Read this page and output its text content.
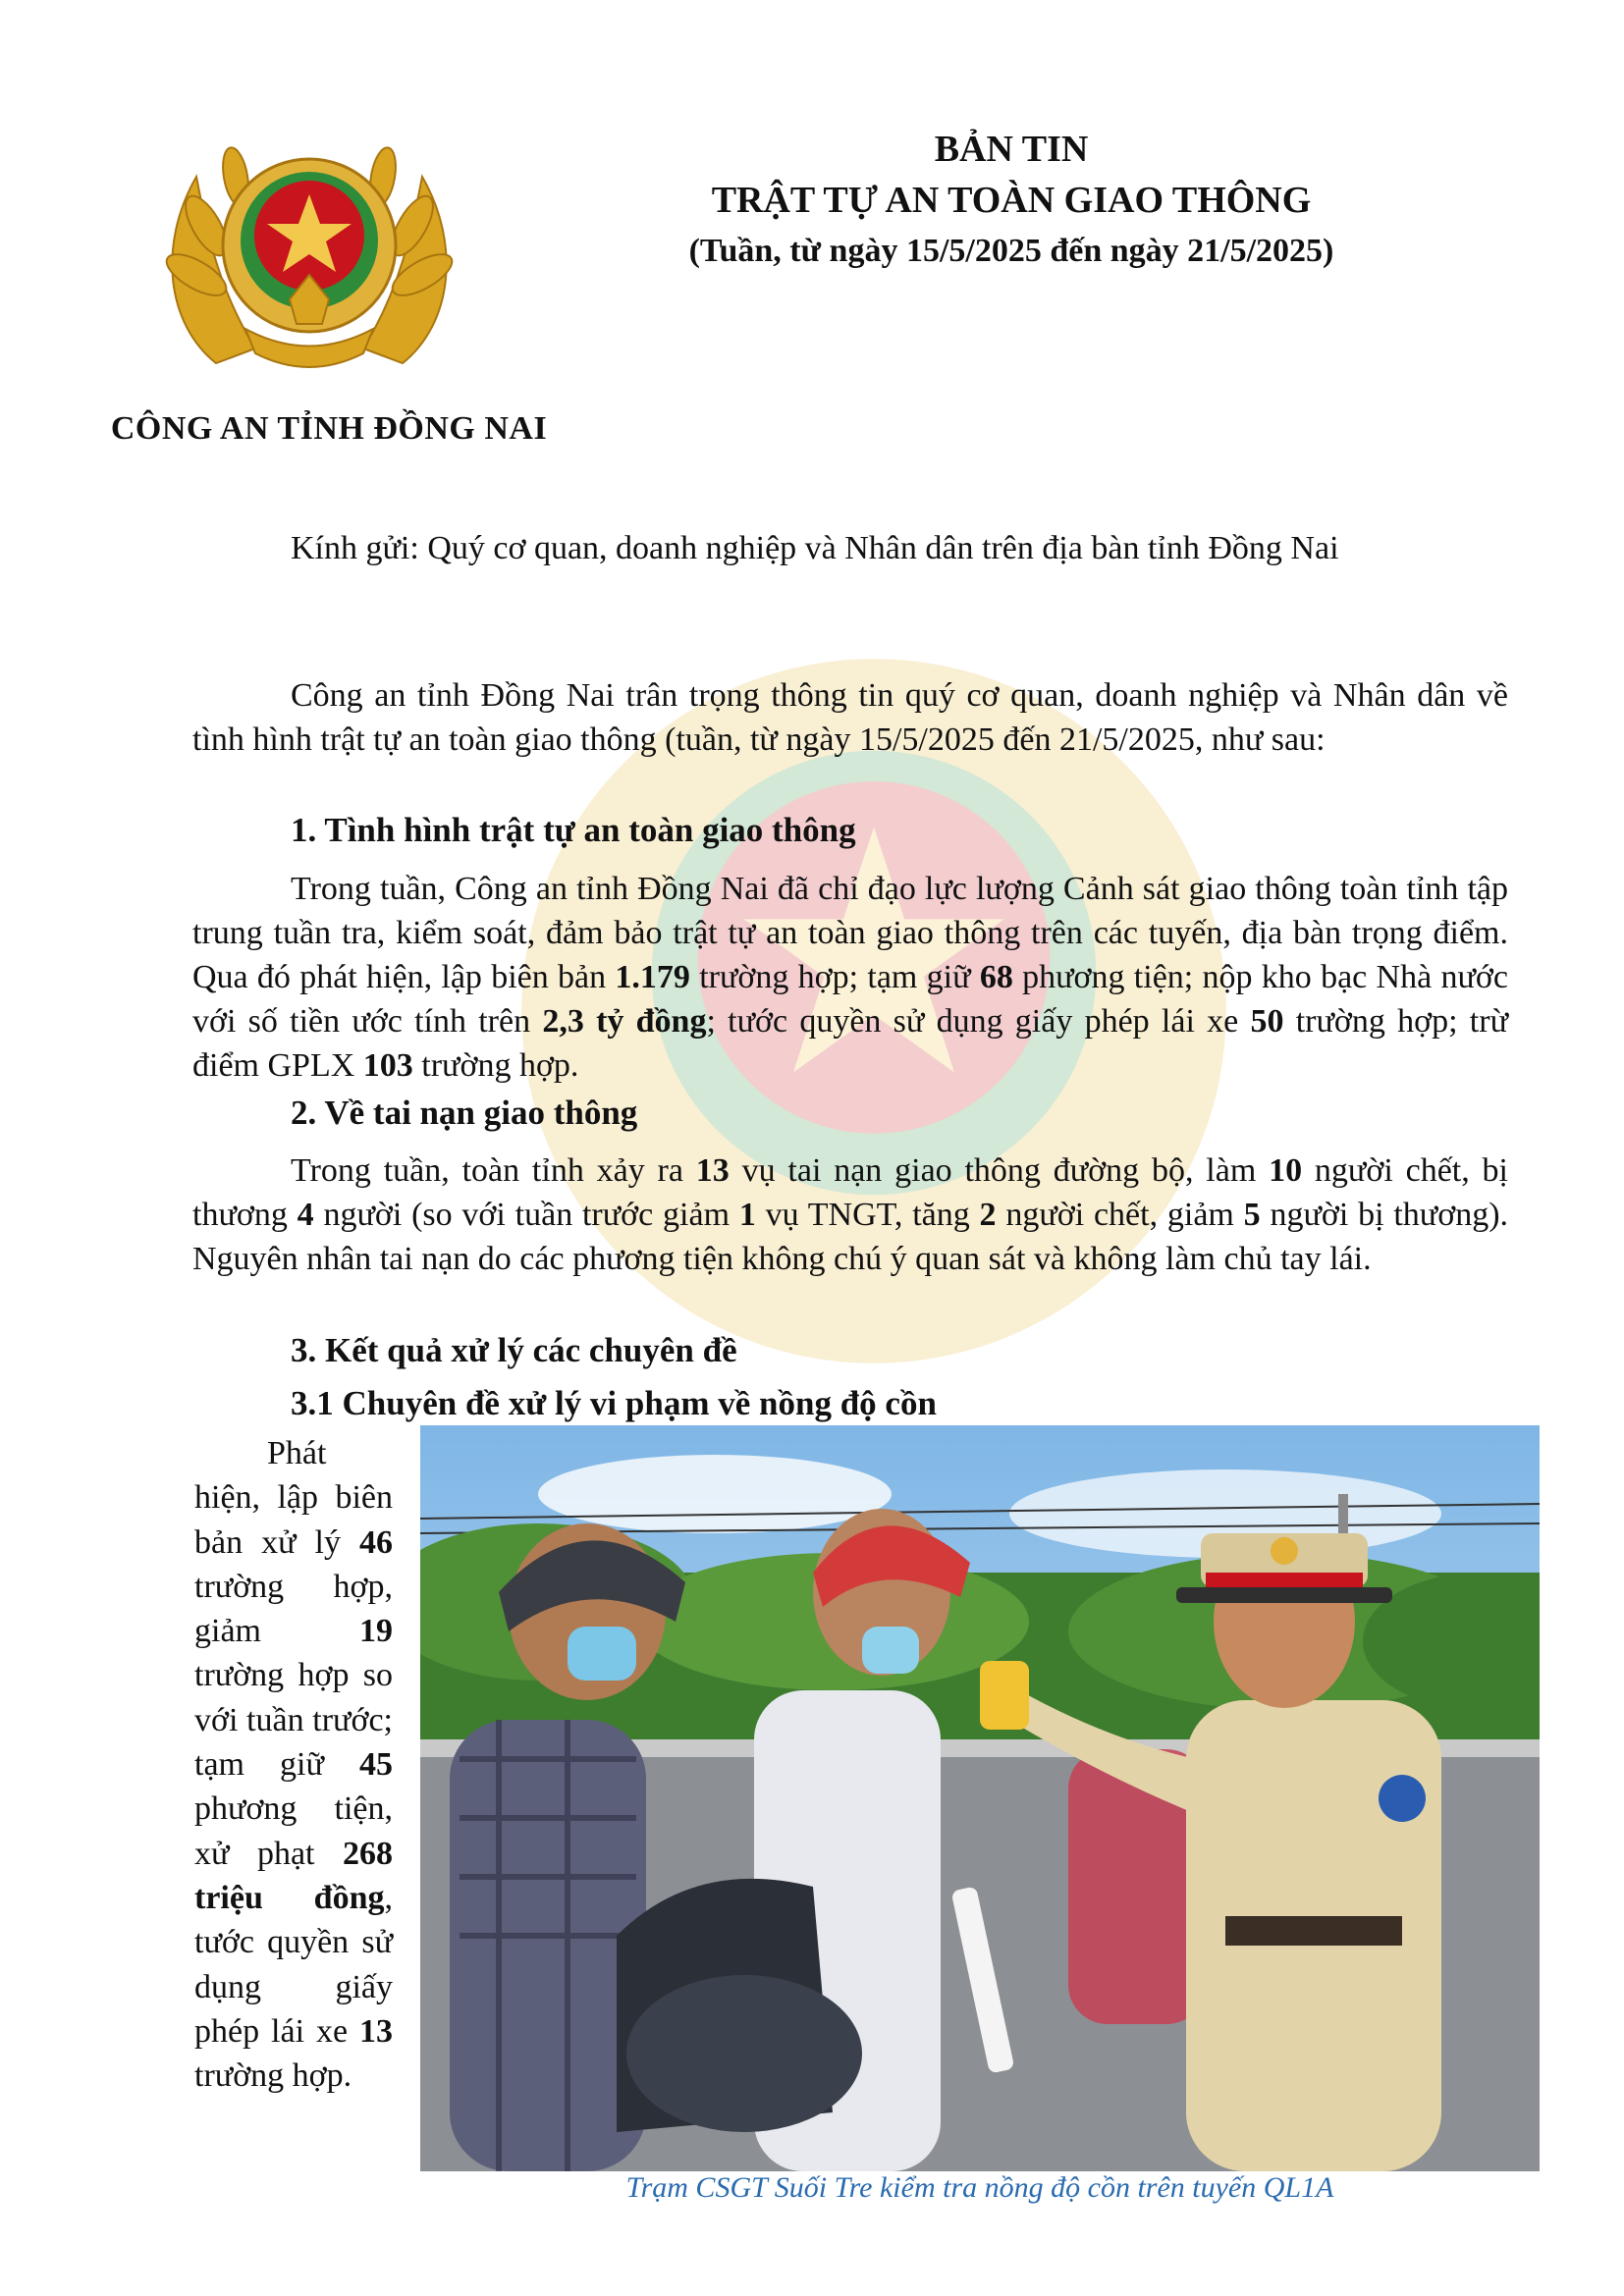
CÔNG AN TỈNH ĐỒNG NAI
BẢN TIN
TRẬT TỰ AN TOÀN GIAO THÔNG
(Tuần, từ ngày 15/5/2025 đến ngày 21/5/2025)
Kính gửi: Quý cơ quan, doanh nghiệp và Nhân dân trên địa bàn tỉnh Đồng Nai
Công an tỉnh Đồng Nai trân trọng thông tin quý cơ quan, doanh nghiệp và Nhân dân về tình hình trật tự an toàn giao thông (tuần, từ ngày 15/5/2025 đến 21/5/2025, như sau:
1. Tình hình trật tự an toàn giao thông
Trong tuần, Công an tỉnh Đồng Nai đã chỉ đạo lực lượng Cảnh sát giao thông toàn tỉnh tập trung tuần tra, kiểm soát, đảm bảo trật tự an toàn giao thông trên các tuyến, địa bàn trọng điểm. Qua đó phát hiện, lập biên bản 1.179 trường hợp; tạm giữ 68 phương tiện; nộp kho bạc Nhà nước với số tiền ước tính trên 2,3 tỷ đồng; tước quyền sử dụng giấy phép lái xe 50 trường hợp; trừ điểm GPLX 103 trường hợp.
2. Về tai nạn giao thông
Trong tuần, toàn tỉnh xảy ra 13 vụ tai nạn giao thông đường bộ, làm 10 người chết, bị thương 4 người (so với tuần trước giảm 1 vụ TNGT, tăng 2 người chết, giảm 5 người bị thương). Nguyên nhân tai nạn do các phương tiện không chú ý quan sát và không làm chủ tay lái.
3. Kết quả xử lý các chuyên đề
3.1 Chuyên đề xử lý vi phạm về nồng độ cồn
Phát hiện, lập biên bản xử lý 46 trường hợp, giảm 19 trường hợp so với tuần trước; tạm giữ 45 phương tiện, xử phạt 268 triệu đồng, tước quyền sử dụng giấy phép lái xe 13 trường hợp.
Trạm CSGT Suối Tre kiểm tra nồng độ cồn trên tuyến QL1A
